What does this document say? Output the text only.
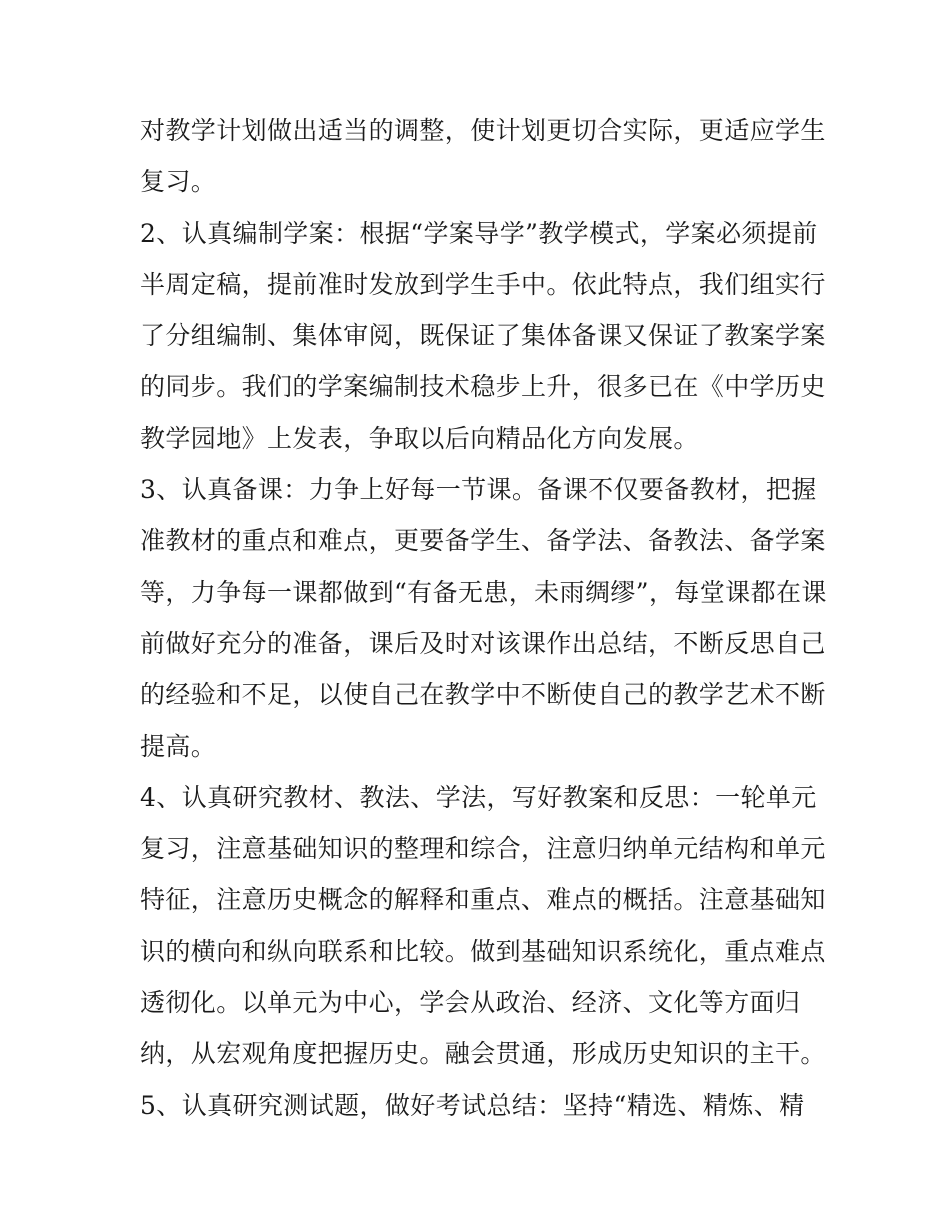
对教学计划做出适当的调整，使计划更切合实际，更适应学生
复习。
2、认真编制学案：根据“学案导学”教学模式，学案必须提前
半周定稿，提前准时发放到学生手中。依此特点，我们组实行
了分组编制、集体审阅，既保证了集体备课又保证了教案学案
的同步。我们的学案编制技术稳步上升，很多已在《中学历史
教学园地》上发表，争取以后向精品化方向发展。
3、认真备课：力争上好每一节课。备课不仅要备教材，把握
准教材的重点和难点，更要备学生、备学法、备教法、备学案
等，力争每一课都做到“有备无患，未雨绸缪”，每堂课都在课
前做好充分的准备，课后及时对该课作出总结，不断反思自己
的经验和不足，以使自己在教学中不断使自己的教学艺术不断
提高。
4、认真研究教材、教法、学法，写好教案和反思：一轮单元
复习，注意基础知识的整理和综合，注意归纳单元结构和单元
特征，注意历史概念的解释和重点、难点的概括。注意基础知
识的横向和纵向联系和比较。做到基础知识系统化，重点难点
透彻化。以单元为中心，学会从政治、经济、文化等方面归
纳，从宏观角度把握历史。融会贯通，形成历史知识的主干。
5、认真研究测试题，做好考试总结：坚持“精选、精炼、精
